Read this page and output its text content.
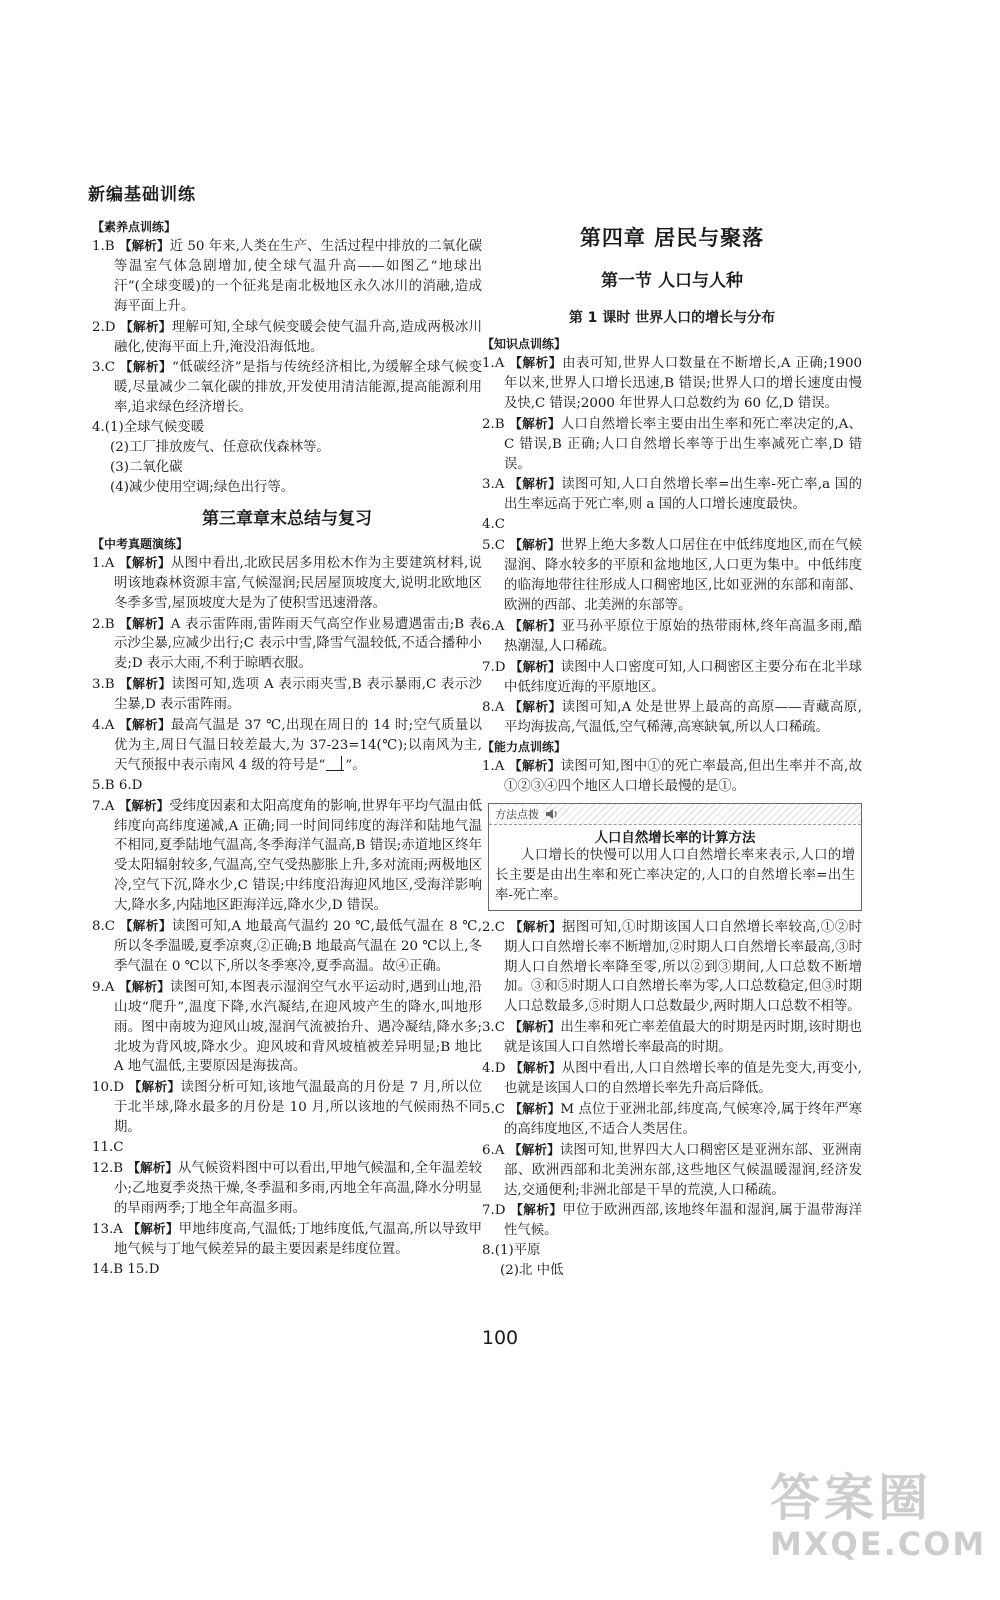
新编基础训练

【素养点训练】

1.B 【解析】近 50 年来,人类在生产、生活过程中排放的二氧化碳等温室气体急剧增加,使全球气温升高——如图乙“地球出汗”(全球变暖)的一个征兆是南北极地区永久冰川的消融,造成海平面上升。

2.D 【解析】理解可知,全球气候变暖会使气温升高,造成两极冰川融化,使海平面上升,淹没沿海低地。

3.C 【解析】“低碳经济”是指与传统经济相比,为缓解全球气候变暖,尽量减少二氧化碳的排放,开发使用清洁能源,提高能源利用率,追求绿色经济增长。

4.(1)全球气候变暖

(2)工厂排放废气、任意砍伐森林等。

(3)二氧化碳

(4)减少使用空调;绿色出行等。

第三章章末总结与复习

【中考真题演练】

1.A 【解析】从图中看出,北欧民居多用松木作为主要建筑材料,说明该地森林资源丰富,气候湿润;民居屋顶坡度大,说明北欧地区冬季多雪,屋顶坡度大是为了使积雪迅速滑落。

2.B 【解析】A 表示雷阵雨,雷阵雨天气高空作业易遭遇雷击;B 表示沙尘暴,应减少出行;C 表示中雪,降雪气温较低,不适合播种小麦;D 表示大雨,不利于晾晒衣服。

3.B 【解析】读图可知,选项 A 表示雨夹雪,B 表示暴雨,C 表示沙尘暴,D 表示雷阵雨。

4.A 【解析】最高气温是 37 ℃,出现在周日的 14 时;空气质量以优为主,周日气温日较差最大,为 37-23=14(℃);以南风为主,天气预报中表示南风 4 级的符号是“ ”。

5.B 6.D

7.A 【解析】受纬度因素和太阳高度角的影响,世界年平均气温由低纬度向高纬度递减,A 正确;同一时间同纬度的海洋和陆地气温不相同,夏季陆地气温高,冬季海洋气温高,B 错误;赤道地区终年受太阳辐射较多,气温高,空气受热膨胀上升,多对流雨;两极地区冷,空气下沉,降水少,C 错误;中纬度沿海迎风地区,受海洋影响大,降水多,内陆地区距海洋远,降水少,D 错误。

8.C 【解析】读图可知,A 地最高气温约 20 ℃,最低气温在 8 ℃,所以冬季温暖,夏季凉爽,②正确;B 地最高气温在 20 ℃以上,冬季气温在 0 ℃以下,所以冬季寒冷,夏季高温。故④正确。

9.A 【解析】读图可知,本图表示湿润空气水平运动时,遇到山地,沿山坡“爬升”,温度下降,水汽凝结,在迎风坡产生的降水,叫地形雨。图中南坡为迎风山坡,湿润气流被抬升、遇冷凝结,降水多;北坡为背风坡,降水少。迎风坡和背风坡植被差异明显;B 地比 A 地气温低,主要原因是海拔高。

10.D 【解析】读图分析可知,该地气温最高的月份是 7 月,所以位于北半球,降水最多的月份是 10 月,所以该地的气候雨热不同期。

11.C

12.B 【解析】从气候资料图中可以看出,甲地气候温和,全年温差较小;乙地夏季炎热干燥,冬季温和多雨,丙地全年高温,降水分明显的旱雨两季;丁地全年高温多雨。

13.A 【解析】甲地纬度高,气温低;丁地纬度低,气温高,所以导致甲地气候与丁地气候差异的最主要因素是纬度位置。

14.B 15.D

第四章 居民与聚落
第一节 人口与人种
第 1 课时 世界人口的增长与分布

【知识点训练】

1.A 【解析】由表可知,世界人口数量在不断增长,A 正确;1900 年以来,世界人口增长迅速,B 错误;世界人口的增长速度由慢及快,C 错误;2000 年世界人口总数约为 60 亿,D 错误。

2.B 【解析】人口自然增长率主要由出生率和死亡率决定的,A、C 错误,B 正确;人口自然增长率等于出生率减死亡率,D 错误。

3.A 【解析】读图可知,人口自然增长率=出生率-死亡率,a 国的出生率远高于死亡率,则 a 国的人口增长速度最快。

4.C

5.C 【解析】世界上绝大多数人口居住在中低纬度地区,而在气候湿润、降水较多的平原和盆地地区,人口更为集中。中低纬度的临海地带往往形成人口稠密地区,比如亚洲的东部和南部、欧洲的西部、北美洲的东部等。

6.A 【解析】亚马孙平原位于原始的热带雨林,终年高温多雨,酷热潮湿,人口稀疏。

7.D 【解析】读图中人口密度可知,人口稠密区主要分布在北半球中低纬度近海的平原地区。

8.A 【解析】读图可知,A 处是世界上最高的高原——青藏高原,平均海拔高,气温低,空气稀薄,高寒缺氧,所以人口稀疏。

【能力点训练】

1.A 【解析】读图可知,图中①的死亡率最高,但出生率并不高,故①②③④四个地区人口增长最慢的是①。

方法点拨

人口自然增长率的计算方法

人口增长的快慢可以用人口自然增长率来表示,人口的增长主要是由出生率和死亡率决定的,人口的自然增长率=出生率-死亡率。

2.C 【解析】据图可知,①时期该国人口自然增长率较高,①②时期人口自然增长率不断增加,②时期人口自然增长率最高,③时期人口自然增长率降至零,所以②到③期间,人口总数不断增加。③和⑤时期人口自然增长率为零,人口总数稳定,但③时期人口总数最多,⑤时期人口总数最少,两时期人口总数不相等。

3.C 【解析】出生率和死亡率差值最大的时期是丙时期,该时期也就是该国人口自然增长率最高的时期。

4.D 【解析】从图中看出,人口自然增长率的值是先变大,再变小,也就是该国人口的自然增长率先升高后降低。

5.C 【解析】M 点位于亚洲北部,纬度高,气候寒冷,属于终年严寒的高纬度地区,不适合人类居住。

6.A 【解析】读图可知,世界四大人口稠密区是亚洲东部、亚洲南部、欧洲西部和北美洲东部,这些地区气候温暖湿润,经济发达,交通便利;非洲北部是干旱的荒漠,人口稀疏。

7.D 【解析】甲位于欧洲西部,该地终年温和湿润,属于温带海洋性气候。

8.(1)平原

(2)北 中低

100
答案圈
MXQE.COM
